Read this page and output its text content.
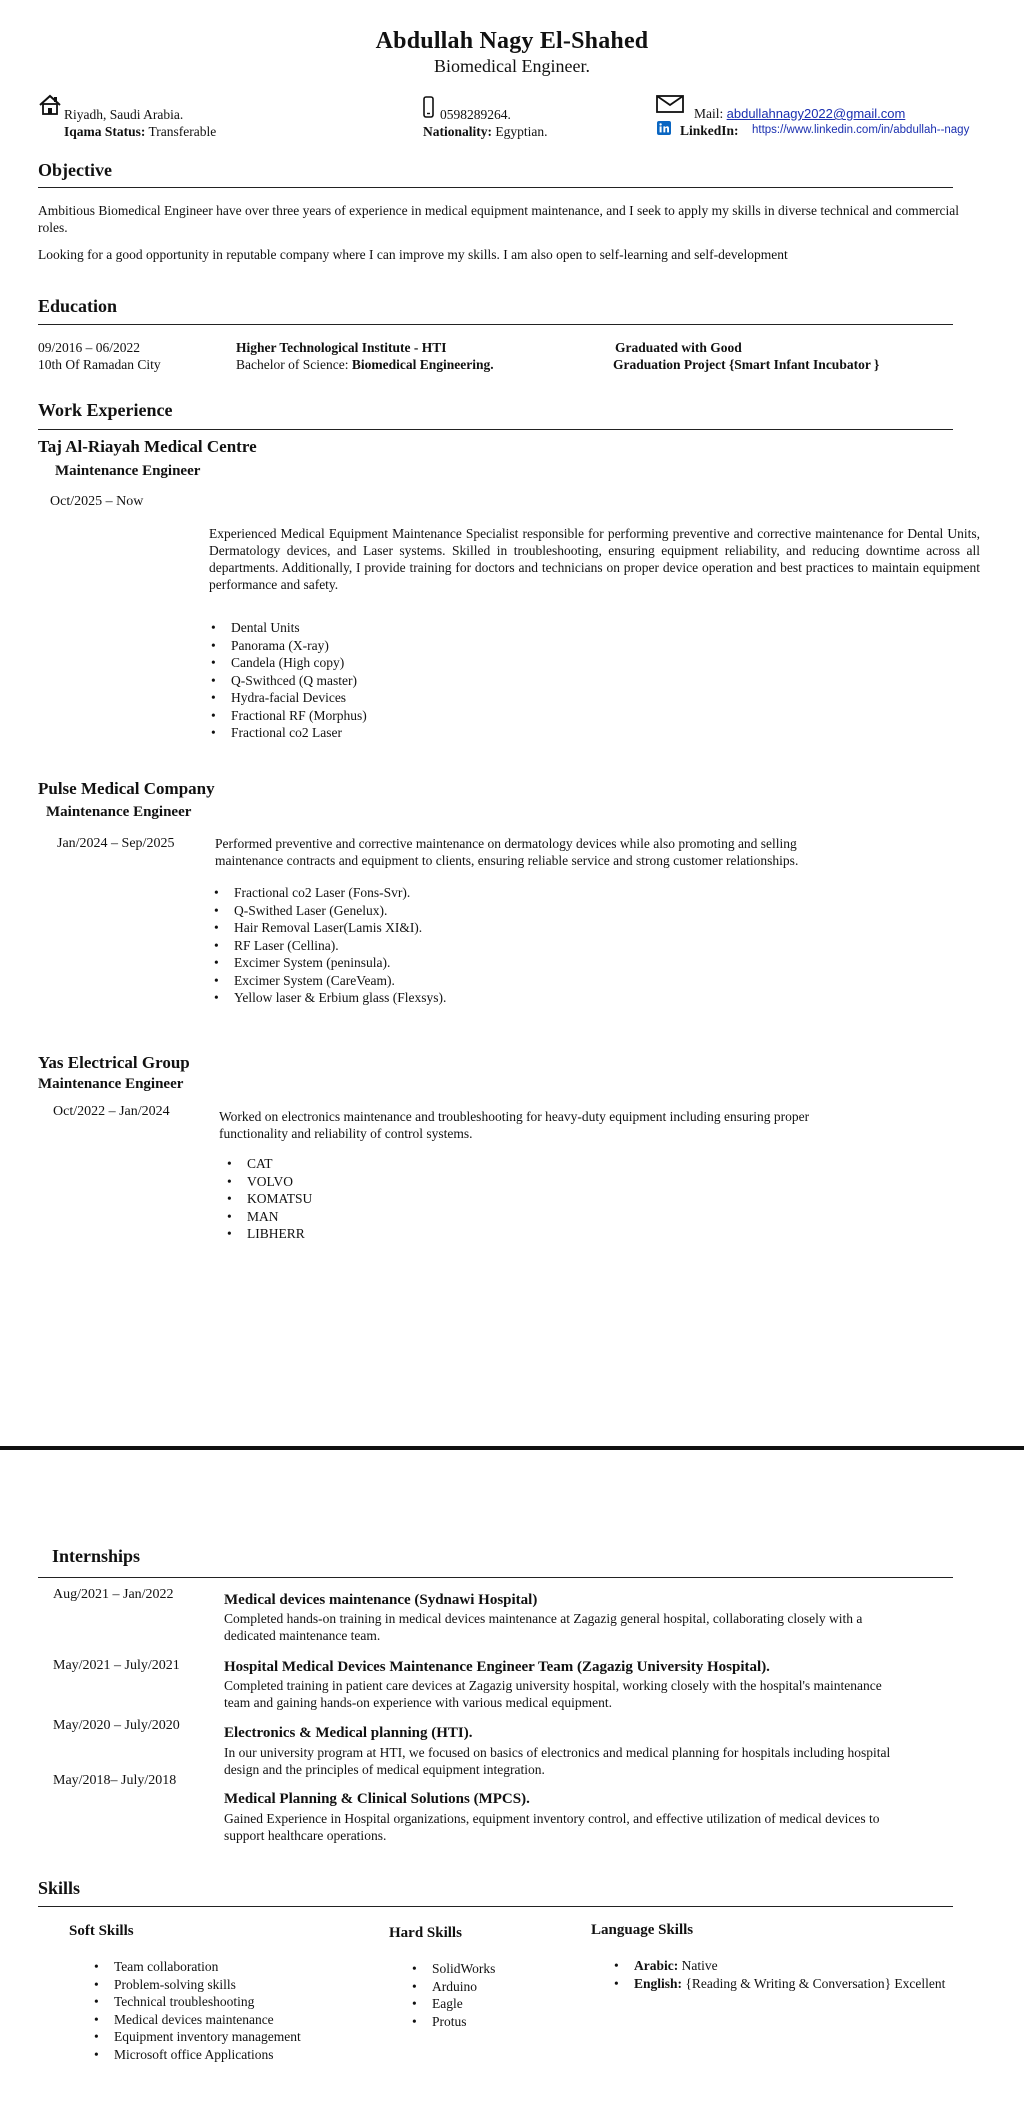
Abdullah Nagy El-Shahed
Biomedical Engineer.
Riyadh, Saudi Arabia.
Iqama Status: Transferable
0598289264.
Nationality: Egyptian.
Mail: abdullahnagy2022@gmail.com
LinkedIn: https://www.linkedin.com/in/abdullah--nagy
Objective
Ambitious Biomedical Engineer have over three years of experience in medical equipment maintenance, and I seek to apply my skills in diverse technical and commercial roles.
Looking for a good opportunity in reputable company where I can improve my skills. I am also open to self-learning and self-development
Education
09/2016 – 06/2022
10th Of Ramadan City
Higher Technological Institute - HTI
Bachelor of Science: Biomedical Engineering.
Graduated with Good
Graduation Project {Smart Infant Incubator }
Work Experience
Taj Al-Riayah Medical Centre
Maintenance Engineer
Oct/2025 – Now
Experienced Medical Equipment Maintenance Specialist responsible for performing preventive and corrective maintenance for Dental Units, Dermatology devices, and Laser systems. Skilled in troubleshooting, ensuring equipment reliability, and reducing downtime across all departments. Additionally, I provide training for doctors and technicians on proper device operation and best practices to maintain equipment performance and safety.
• Dental Units
• Panorama (X-ray)
• Candela (High copy)
• Q-Swithced (Q master)
• Hydra-facial Devices
• Fractional RF (Morphus)
• Fractional co2 Laser
Pulse Medical Company
Maintenance Engineer
Jan/2024 – Sep/2025	Performed preventive and corrective maintenance on dermatology devices while also promoting and selling maintenance contracts and equipment to clients, ensuring reliable service and strong customer relationships.
• Fractional co2 Laser (Fons-Svr).
• Q-Swithed Laser (Genelux).
• Hair Removal Laser(Lamis XI&I).
• RF Laser (Cellina).
• Excimer System (peninsula).
• Excimer System (CareVeam).
• Yellow laser & Erbium glass (Flexsys).
Yas Electrical Group
Maintenance Engineer
Oct/2022 – Jan/2024	Worked on electronics maintenance and troubleshooting for heavy-duty equipment including ensuring proper functionality and reliability of control systems.
• CAT
• VOLVO
• KOMATSU
• MAN
• LIBHERR
Internships
Aug/2021 – Jan/2022
May/2021 – July/2021
May/2020 – July/2020
May/2018– July/2018
Medical devices maintenance (Sydnawi Hospital)
Completed hands-on training in medical devices maintenance at Zagazig general hospital, collaborating closely with a dedicated maintenance team.
Hospital Medical Devices Maintenance Engineer Team (Zagazig University Hospital).
Completed training in patient care devices at Zagazig university hospital, working closely with the hospital's maintenance team and gaining hands-on experience with various medical equipment.
Electronics & Medical planning (HTI).
In our university program at HTI, we focused on basics of electronics and medical planning for hospitals including hospital design and the principles of medical equipment integration.
Medical Planning & Clinical Solutions (MPCS).
Gained Experience in Hospital organizations, equipment inventory control, and effective utilization of medical devices to support healthcare operations.
Skills
Soft Skills
• Team collaboration
• Problem-solving skills
• Technical troubleshooting
• Medical devices maintenance
• Equipment inventory management
• Microsoft office Applications
Hard Skills
• SolidWorks
• Arduino
• Eagle
• Protus
Language Skills
• Arabic: Native
• English: {Reading & Writing & Conversation} Excellent
